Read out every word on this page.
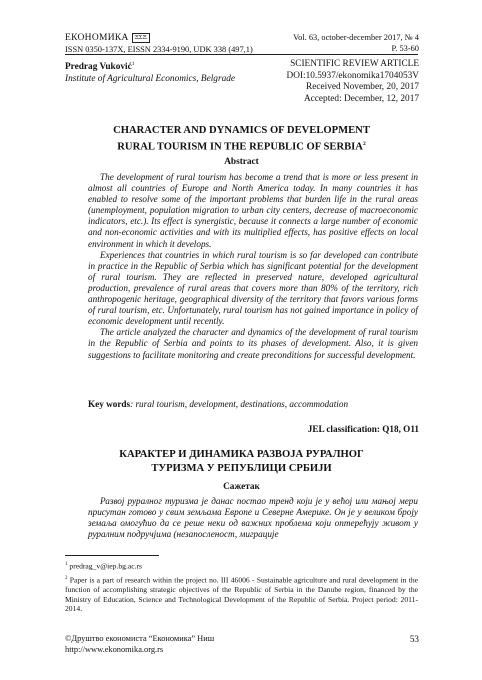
ЕКОНОМИКА ΞΣΞ
ISSN 0350-137X, EISSN 2334-9190, UDK 338 (497,1)
Vol. 63, october-december 2017, № 4
P. 53-60
Predrag Vuković$^1$
Institute of Agricultural Economics, Belgrade
SCIENTIFIC REVIEW ARTICLE
DOI:10.5937/ekonomika1704053V
Received November, 20, 2017
Accepted: December, 12, 2017
CHARACTER AND DYNAMICS OF DEVELOPMENT
RURAL TOURISM IN THE REPUBLIC OF SERBIA$^2$
Abstract

The development of rural tourism has become a trend that is more or less present in almost all countries of Europe and North America today. In many countries it has enabled to resolve some of the important problems that burden life in the rural areas (unemployment, population migration to urban city centers, decrease of macroeconomic indicators, etc.). Its effect is synergistic, because it connects a large number of economic and non-economic activities and with its multiplied effects, has positive effects on local environment in which it develops.

Experiences that countries in which rural tourism is so far developed can contribute in practice in the Republic of Serbia which has significant potential for the development of rural tourism. They are reflected in preserved nature, developed agricultural production, prevalence of rural areas that covers more than 80% of the territory, rich anthropogenic heritage, geographical diversity of the territory that favors various forms of rural tourism, etc. Unfortunately, rural tourism has not gained importance in policy of economic development until recently.

The article analyzed the character and dynamics of the development of rural tourism in the Republic of Serbia and points to its phases of development. Also, it is given suggestions to facilitate monitoring and create preconditions for successful development.

Key words: rural tourism, development, destinations, accommodation
JEL classification: Q18, O11
КАРАКТЕР И ДИНАМИКА РАЗВОЈА РУРАЛНОГ
ТУРИЗМА У РЕПУБЛИЦИ СРБИЈИ
Сажетак

Развој руралног туризма је данас постао тренд који је у већој или мањој мери присутан готово у свим земљама Европе и Северне Америке. Он је у великом броју земаља омогућио да се реше неки од важних проблема који оптерећују живот у руралним подручјима (незапосленост, миграције

$^1$ predrag_v@iep.bg.ac.rs
$^2$ Paper is a part of research within the project no. III 46006 - Sustainable agriculture and rural development in the function of accomplishing strategic objectives of the Republic of Serbia in the Danube region, financed by the Ministry of Education, Science and Technological Development of the Republic of Serbia. Project period: 2011-2014.
©Друштво економиста “Економика” Ниш
http://www.ekonomika.org.rs
53
